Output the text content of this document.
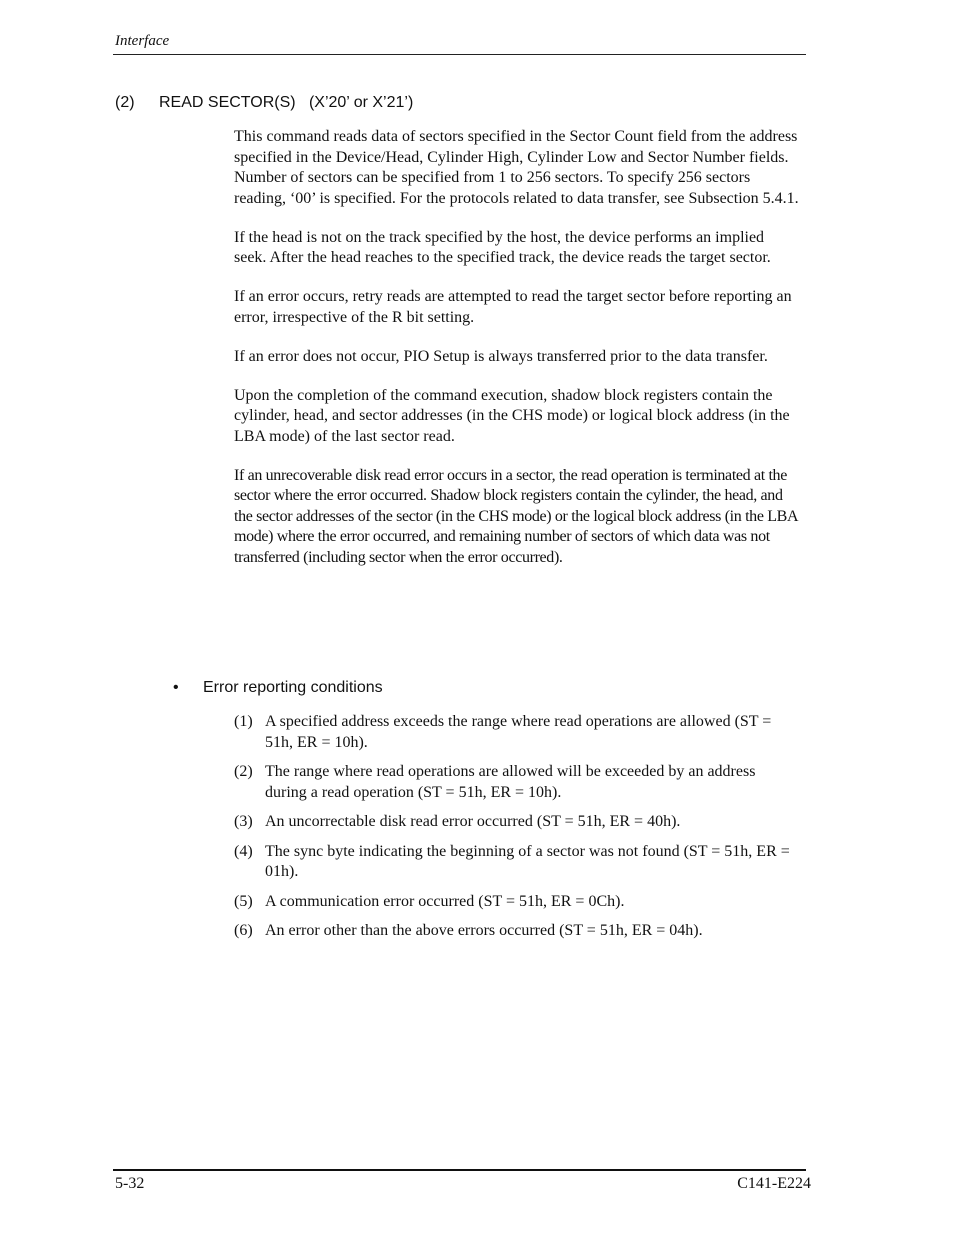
Interface
(2) READ SECTOR(S)   (X’20’ or X’21’)

This command reads data of sectors specified in the Sector Count field from the address specified in the Device/Head, Cylinder High, Cylinder Low and Sector Number fields. Number of sectors can be specified from 1 to 256 sectors. To specify 256 sectors reading, ‘00’ is specified. For the protocols related to data transfer, see Subsection 5.4.1.

If the head is not on the track specified by the host, the device performs an implied seek. After the head reaches to the specified track, the device reads the target sector.

If an error occurs, retry reads are attempted to read the target sector before reporting an error, irrespective of the R bit setting.

If an error does not occur, PIO Setup is always transferred prior to the data transfer.

Upon the completion of the command execution, shadow block registers contain the cylinder, head, and sector addresses (in the CHS mode) or logical block address (in the LBA mode) of the last sector read.

If an unrecoverable disk read error occurs in a sector, the read operation is terminated at the sector where the error occurred. Shadow block registers contain the cylinder, the head, and the sector addresses of the sector (in the CHS mode) or the logical block address (in the LBA mode) where the error occurred, and remaining number of sectors of which data was not transferred (including sector when the error occurred).

• Error reporting conditions
(1) A specified address exceeds the range where read operations are allowed (ST = 51h, ER = 10h).
(2) The range where read operations are allowed will be exceeded by an address during a read operation (ST = 51h, ER = 10h).
(3) An uncorrectable disk read error occurred (ST = 51h, ER = 40h).
(4) The sync byte indicating the beginning of a sector was not found (ST = 51h, ER = 01h).
(5) A communication error occurred (ST = 51h, ER = 0Ch).
(6) An error other than the above errors occurred (ST = 51h, ER = 04h).
5-32	C141-E224
